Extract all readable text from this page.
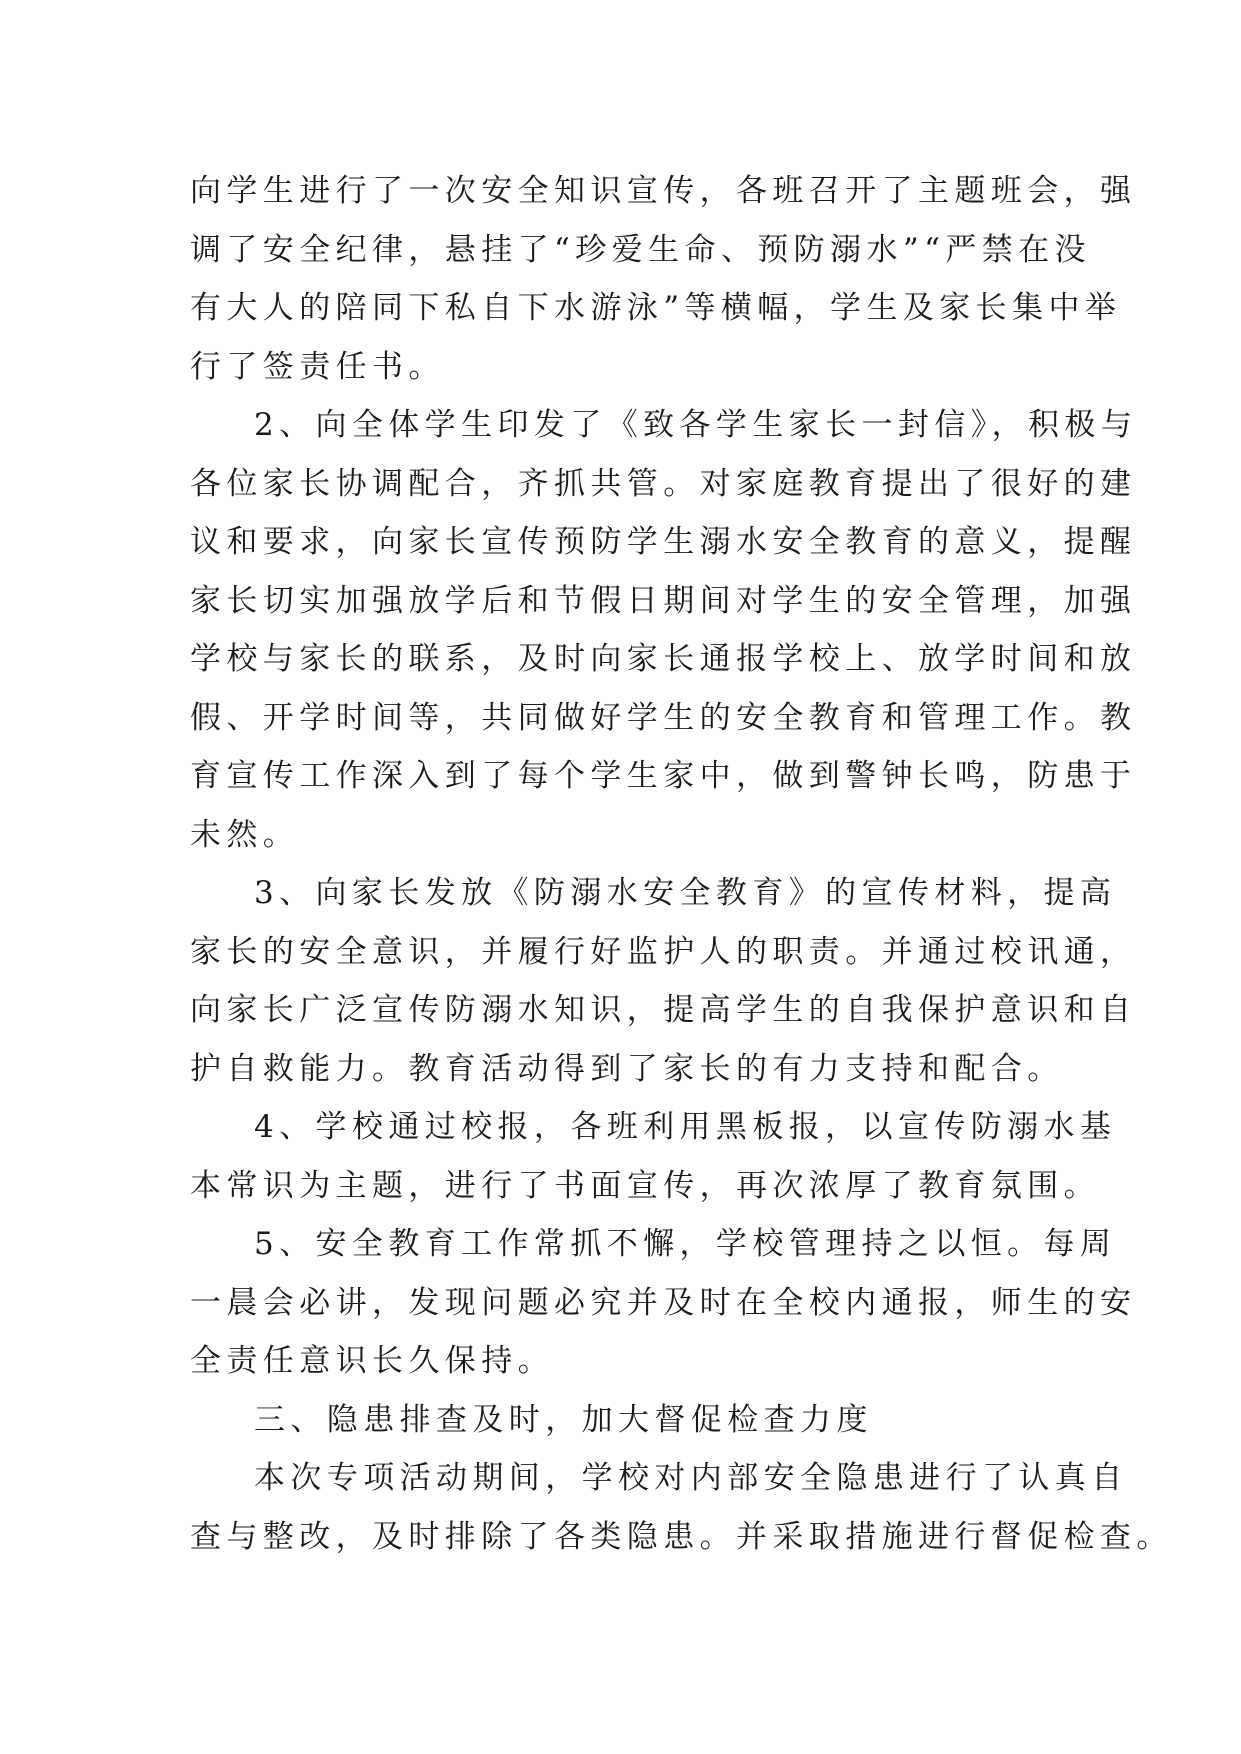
向学生进行了一次安全知识宣传，各班召开了主题班会，强
调了安全纪律，悬挂了“珍爱生命、预防溺水”“严禁在没
有大人的陪同下私自下水游泳”等横幅，学生及家长集中举
行了签责任书。
2、向全体学生印发了《致各学生家长一封信》，积极与
各位家长协调配合，齐抓共管。对家庭教育提出了很好的建
议和要求，向家长宣传预防学生溺水安全教育的意义，提醒
家长切实加强放学后和节假日期间对学生的安全管理，加强
学校与家长的联系，及时向家长通报学校上、放学时间和放
假、开学时间等，共同做好学生的安全教育和管理工作。教
育宣传工作深入到了每个学生家中，做到警钟长鸣，防患于
未然。
3、向家长发放《防溺水安全教育》的宣传材料，提高
家长的安全意识，并履行好监护人的职责。并通过校讯通，
向家长广泛宣传防溺水知识，提高学生的自我保护意识和自
护自救能力。教育活动得到了家长的有力支持和配合。
4、学校通过校报，各班利用黑板报，以宣传防溺水基
本常识为主题，进行了书面宣传，再次浓厚了教育氛围。
5、安全教育工作常抓不懈，学校管理持之以恒。每周
一晨会必讲，发现问题必究并及时在全校内通报，师生的安
全责任意识长久保持。
三、隐患排查及时，加大督促检查力度
本次专项活动期间，学校对内部安全隐患进行了认真自
查与整改，及时排除了各类隐患。并采取措施进行督促检查。
